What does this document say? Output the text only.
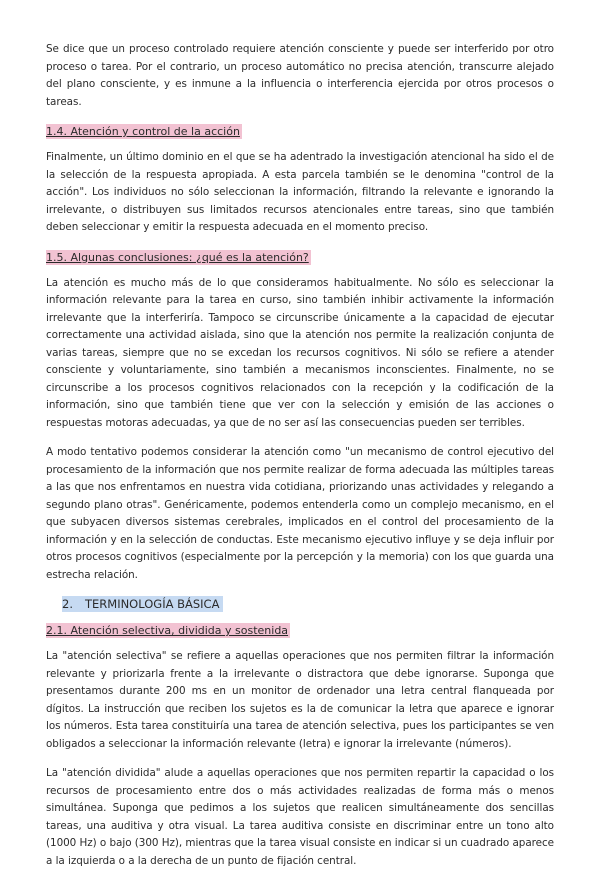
Se dice que un proceso controlado requiere atención consciente y puede ser interferido por otro proceso o tarea. Por el contrario, un proceso automático no precisa atención, transcurre alejado del plano consciente, y es inmune a la influencia o interferencia ejercida por otros procesos o tareas.

1.4. Atención y control de la acción

Finalmente, un último dominio en el que se ha adentrado la investigación atencional ha sido el de la selección de la respuesta apropiada. A esta parcela también se le denomina "control de la acción". Los individuos no sólo seleccionan la información, filtrando la relevante e ignorando la irrelevante, o distribuyen sus limitados recursos atencionales entre tareas, sino que también deben seleccionar y emitir la respuesta adecuada en el momento preciso.

1.5. Algunas conclusiones: ¿qué es la atención?

La atención es mucho más de lo que consideramos habitualmente. No sólo es seleccionar la información relevante para la tarea en curso, sino también inhibir activamente la información irrelevante que la interferiría. Tampoco se circunscribe únicamente a la capacidad de ejecutar correctamente una actividad aislada, sino que la atención nos permite la realización conjunta de varias tareas, siempre que no se excedan los recursos cognitivos. Ni sólo se refiere a atender consciente y voluntariamente, sino también a mecanismos inconscientes. Finalmente, no se circunscribe a los procesos cognitivos relacionados con la recepción y la codificación de la información, sino que también tiene que ver con la selección y emisión de las acciones o respuestas motoras adecuadas, ya que de no ser así las consecuencias pueden ser terribles.

A modo tentativo podemos considerar la atención como "un mecanismo de control ejecutivo del procesamiento de la información que nos permite realizar de forma adecuada las múltiples tareas a las que nos enfrentamos en nuestra vida cotidiana, priorizando unas actividades y relegando a segundo plano otras". Genéricamente, podemos entenderla como un complejo mecanismo, en el que subyacen diversos sistemas cerebrales, implicados en el control del procesamiento de la información y en la selección de conductas. Este mecanismo ejecutivo influye y se deja influir por otros procesos cognitivos (especialmente por la percepción y la memoria) con los que guarda una estrecha relación.

2. TERMINOLOGÍA BÁSICA
2.1. Atención selectiva, dividida y sostenida

La "atención selectiva" se refiere a aquellas operaciones que nos permiten filtrar la información relevante y priorizarla frente a la irrelevante o distractora que debe ignorarse. Suponga que presentamos durante 200 ms en un monitor de ordenador una letra central flanqueada por dígitos. La instrucción que reciben los sujetos es la de comunicar la letra que aparece e ignorar los números. Esta tarea constituiría una tarea de atención selectiva, pues los participantes se ven obligados a seleccionar la información relevante (letra) e ignorar la irrelevante (números).

La "atención dividida" alude a aquellas operaciones que nos permiten repartir la capacidad o los recursos de procesamiento entre dos o más actividades realizadas de forma más o menos simultánea. Suponga que pedimos a los sujetos que realicen simultáneamente dos sencillas tareas, una auditiva y otra visual. La tarea auditiva consiste en discriminar entre un tono alto (1000 Hz) o bajo (300 Hz), mientras que la tarea visual consiste en indicar si un cuadrado aparece a la izquierda o a la derecha de un punto de fijación central.
